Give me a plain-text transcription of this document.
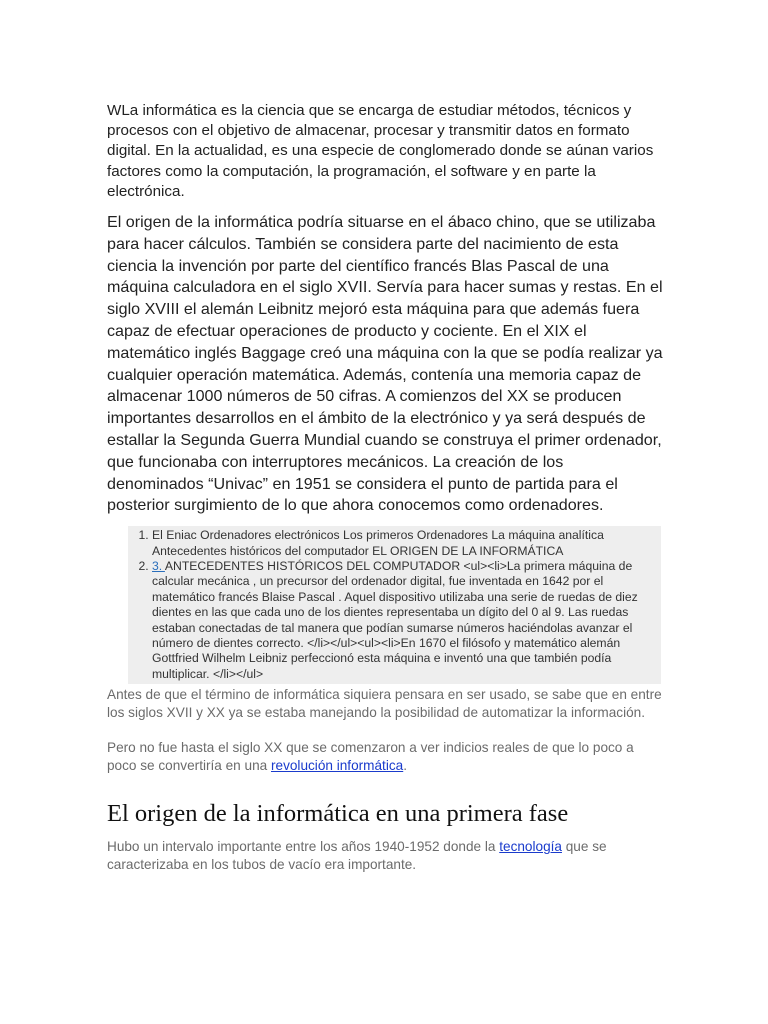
WLa informática es la ciencia que se encarga de estudiar métodos, técnicos y procesos con el objetivo de almacenar, procesar y transmitir datos en formato digital. En la actualidad, es una especie de conglomerado donde se aúnan varios factores como la computación, la programación, el software y en parte la electrónica.

El origen de la informática podría situarse en el ábaco chino, que se utilizaba para hacer cálculos. También se considera parte del nacimiento de esta ciencia la invención por parte del científico francés Blas Pascal de una máquina calculadora en el siglo XVII. Servía para hacer sumas y restas. En el siglo XVIII el alemán Leibnitz mejoró esta máquina para que además fuera capaz de efectuar operaciones de producto y cociente. En el XIX el matemático inglés Baggage creó una máquina con la que se podía realizar ya cualquier operación matemática. Además, contenía una memoria capaz de almacenar 1000 números de 50 cifras. A comienzos del XX se producen importantes desarrollos en el ámbito de la electrónico y ya será después de estallar la Segunda Guerra Mundial cuando se construya el primer ordenador, que funcionaba con interruptores mecánicos. La creación de los denominados “Univac” en 1951 se considera el punto de partida para el posterior surgimiento de lo que ahora conocemos como ordenadores.

1. El Eniac Ordenadores electrónicos Los primeros Ordenadores La máquina analítica Antecedentes históricos del computador EL ORIGEN DE LA INFORMÁTICA
2. 3. ANTECEDENTES HISTÓRICOS DEL COMPUTADOR <ul><li>La primera máquina de calcular mecánica , un precursor del ordenador digital, fue inventada en 1642 por el matemático francés Blaise Pascal . Aquel dispositivo utilizaba una serie de ruedas de diez dientes en las que cada uno de los dientes representaba un dígito del 0 al 9. Las ruedas estaban conectadas de tal manera que podían sumarse números haciéndolas avanzar el número de dientes correcto. </li></ul><ul><li>En 1670 el filósofo y matemático alemán Gottfried Wilhelm Leibniz perfeccionó esta máquina e inventó una que también podía multiplicar. </li></ul>

Antes de que el término de informática siquiera pensara en ser usado, se sabe que en entre los siglos XVII y XX ya se estaba manejando la posibilidad de automatizar la información.

Pero no fue hasta el siglo XX que se comenzaron a ver indicios reales de que lo poco a poco se convertiría en una revolución informática.

El origen de la informática en una primera fase

Hubo un intervalo importante entre los años 1940-1952 donde la tecnología que se caracterizaba en los tubos de vacío era importante.
